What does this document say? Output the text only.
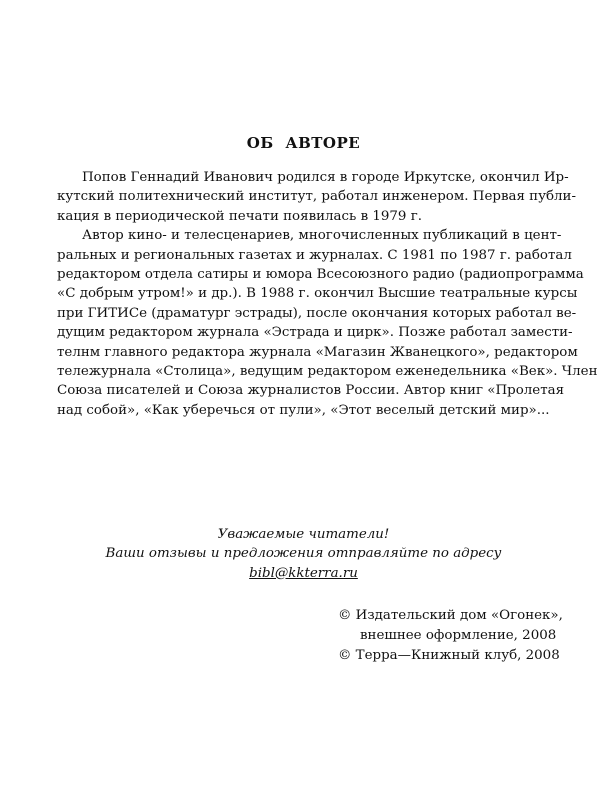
ОБ АВТОРЕ
Попов Геннадий Иванович родился в городе Иркутске, окончил Ир-
кутский политехнический институт, работал инженером. Первая публи-
кация в периодической печати появилась в 1979 г.
Автор кино- и телесценариев, многочисленных публикаций в цент-
ральных и региональных газетах и журналах. С 1981 по 1987 г. работал
редактором отдела сатиры и юмора Всесоюзного радио (радиопрограмма
«С добрым утром!» и др.). В 1988 г. окончил Высшие театральные курсы
при ГИТИСе (драматург эстрады), после окончания которых работал ве-
дущим редактором журнала «Эстрада и цирк». Позже работал замести-
телнм главного редактора журнала «Магазин Жванецкого», редактором
тележурнала «Столица», ведущим редактором еженедельника «Век». Член
Союза писателей и Союза журналистов России. Автор книг «Пролетая
над собой», «Как уберечься от пули», «Этот веселый детский мир»...
Уважаемые читатели!
Ваши отзывы и предложения отправляйте по адресу
bibl@kkterra.ru
© Издательский дом «Огонек»,
внешнее оформление, 2008
© Терра—Книжный клуб, 2008
